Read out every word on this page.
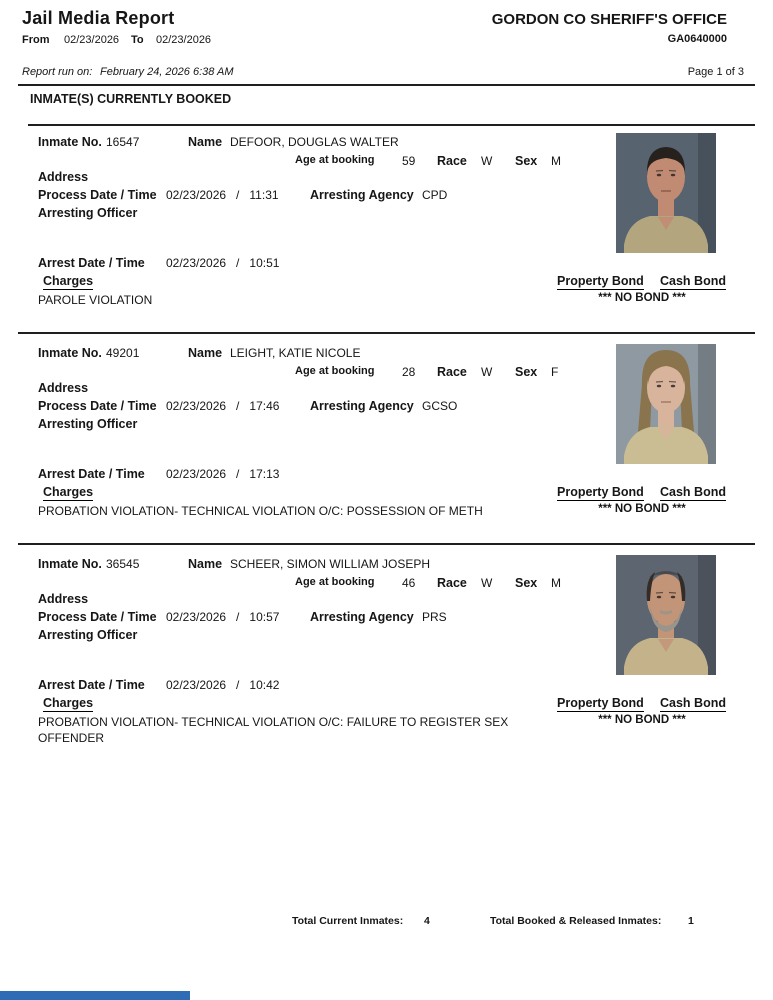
Jail Media Report	GORDON CO SHERIFF'S OFFICE
From 02/23/2026 To 02/23/2026	GA0640000
Report run on: February 24, 2026 6:38 AM	Page 1 of 3
INMATE(S) CURRENTLY BOOKED
Inmate No. 16547	Name DEFOOR, DOUGLAS WALTER
Age at booking 59 Race W Sex M
Address
Process Date / Time 02/23/2026   /   11:31	Arresting Agency CPD
Arresting Officer
Arrest Date / Time 02/23/2026   /   10:51
Charges	Property Bond Cash Bond
PAROLE VIOLATION	*** NO BOND ***
Inmate No. 49201	Name LEIGHT, KATIE NICOLE
Age at booking 28 Race W Sex F
Address
Process Date / Time 02/23/2026   /   17:46 Arresting Agency GCSO
Arresting Officer
Arrest Date / Time 02/23/2026   /   17:13
Charges	Property Bond Cash Bond
PROBATION VIOLATION- TECHNICAL VIOLATION O/C: POSSESSION OF METH	*** NO BOND ***
Inmate No. 36545	Name SCHEER, SIMON WILLIAM JOSEPH
Age at booking 46 Race W Sex M
Address
Process Date / Time 02/23/2026   /   10:57 Arresting Agency PRS
Arresting Officer
Arrest Date / Time 02/23/2026   /   10:42
Charges	Property Bond Cash Bond
PROBATION VIOLATION- TECHNICAL VIOLATION O/C: FAILURE TO REGISTER SEX OFFENDER
*** NO BOND ***
Total Current Inmates: 4	Total Booked & Released Inmates:	1
